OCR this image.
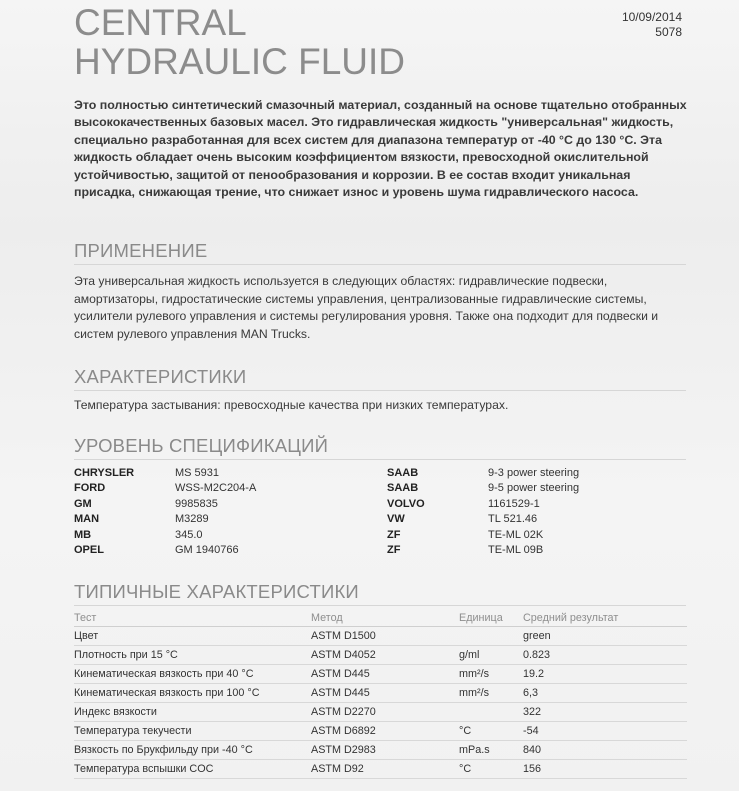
CENTRAL
HYDRAULIC FLUID
10/09/2014
5078
Это полностью синтетический смазочный материал, созданный на основе тщательно отобранных высококачественных базовых масел. Это гидравлическая жидкость "универсальная" жидкость, специально разработанная для всех систем для диапазона температур от -40 °C до 130 °C. Эта жидкость обладает очень высоким коэффициентом вязкости, превосходной окислительной устойчивостью, защитой от пенообразования и коррозии. В ее состав входит уникальная присадка, снижающая трение, что снижает износ и уровень шума гидравлического насоса.
ПРИМЕНЕНИЕ
Эта универсальная жидкость используется в следующих областях: гидравлические подвески, амортизаторы, гидростатические системы управления, централизованные гидравлические системы, усилители рулевого управления и системы регулирования уровня. Также она подходит для подвески и систем рулевого управления MAN Trucks.
ХАРАКТЕРИСТИКИ
Температура застывания: превосходные качества при низких температурах.
УРОВЕНЬ СПЕЦИФИКАЦИЙ
CHRYSLER	MS 5931	SAAB	9-3 power steering
FORD	WSS-M2C204-A	SAAB	9-5 power steering
GM	9985835	VOLVO	1161529-1
MAN	M3289	VW	TL 521.46
MB	345.0	ZF	TE-ML 02K
OPEL	GM 1940766	ZF	TE-ML 09B
ТИПИЧНЫЕ ХАРАКТЕРИСТИКИ
Тест	Метод	Единица	Средний результат
Цвет	ASTM D1500		green
Плотность при 15 °C	ASTM D4052	g/ml	0.823
Кинематическая вязкость при 40 °C	ASTM D445	mm²/s	19.2
Кинематическая вязкость при 100 °C	ASTM D445	mm²/s	6,3
Индекс вязкости	ASTM D2270		322
Температура текучести	ASTM D6892	°C	-54
Вязкость по Брукфильду при -40 °C	ASTM D2983	mPa.s	840
Температура вспышки COC	ASTM D92	°C	156
